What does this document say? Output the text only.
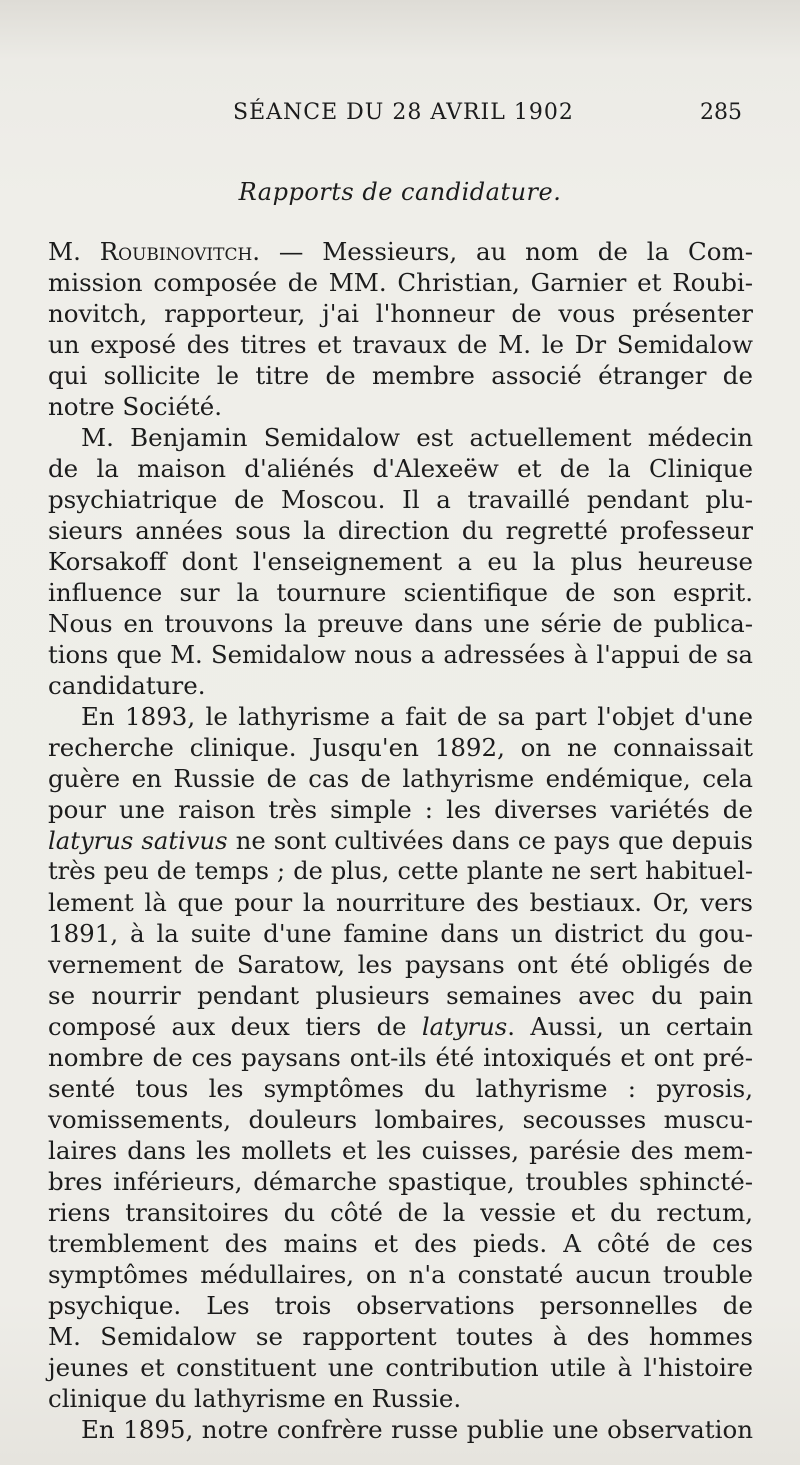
SÉANCE DU 28 AVRIL 1902	285
Rapports de candidature.
M. Roubinovitch. — Messieurs, au nom de la Com-
mission composée de MM. Christian, Garnier et Roubi-
novitch, rapporteur, j'ai l'honneur de vous présenter
un exposé des titres et travaux de M. le Dr Semidalow
qui sollicite le titre de membre associé étranger de
notre Société.
M. Benjamin Semidalow est actuellement médecin
de la maison d'aliénés d'Alexeëw et de la Clinique
psychiatrique de Moscou. Il a travaillé pendant plu-
sieurs années sous la direction du regretté professeur
Korsakoff dont l'enseignement a eu la plus heureuse
influence sur la tournure scientifique de son esprit.
Nous en trouvons la preuve dans une série de publica-
tions que M. Semidalow nous a adressées à l'appui de sa
candidature.
En 1893, le lathyrisme a fait de sa part l'objet d'une
recherche clinique. Jusqu'en 1892, on ne connaissait
guère en Russie de cas de lathyrisme endémique, cela
pour une raison très simple : les diverses variétés de
latyrus sativus ne sont cultivées dans ce pays que depuis
très peu de temps ; de plus, cette plante ne sert habituel-
lement là que pour la nourriture des bestiaux. Or, vers
1891, à la suite d'une famine dans un district du gou-
vernement de Saratow, les paysans ont été obligés de
se nourrir pendant plusieurs semaines avec du pain
composé aux deux tiers de latyrus. Aussi, un certain
nombre de ces paysans ont-ils été intoxiqués et ont pré-
senté tous les symptômes du lathyrisme : pyrosis,
vomissements, douleurs lombaires, secousses muscu-
laires dans les mollets et les cuisses, parésie des mem-
bres inférieurs, démarche spastique, troubles sphincté-
riens transitoires du côté de la vessie et du rectum,
tremblement des mains et des pieds. A côté de ces
symptômes médullaires, on n'a constaté aucun trouble
psychique. Les trois observations personnelles de
M. Semidalow se rapportent toutes à des hommes
jeunes et constituent une contribution utile à l'histoire
clinique du lathyrisme en Russie.
En 1895, notre confrère russe publie une observation
